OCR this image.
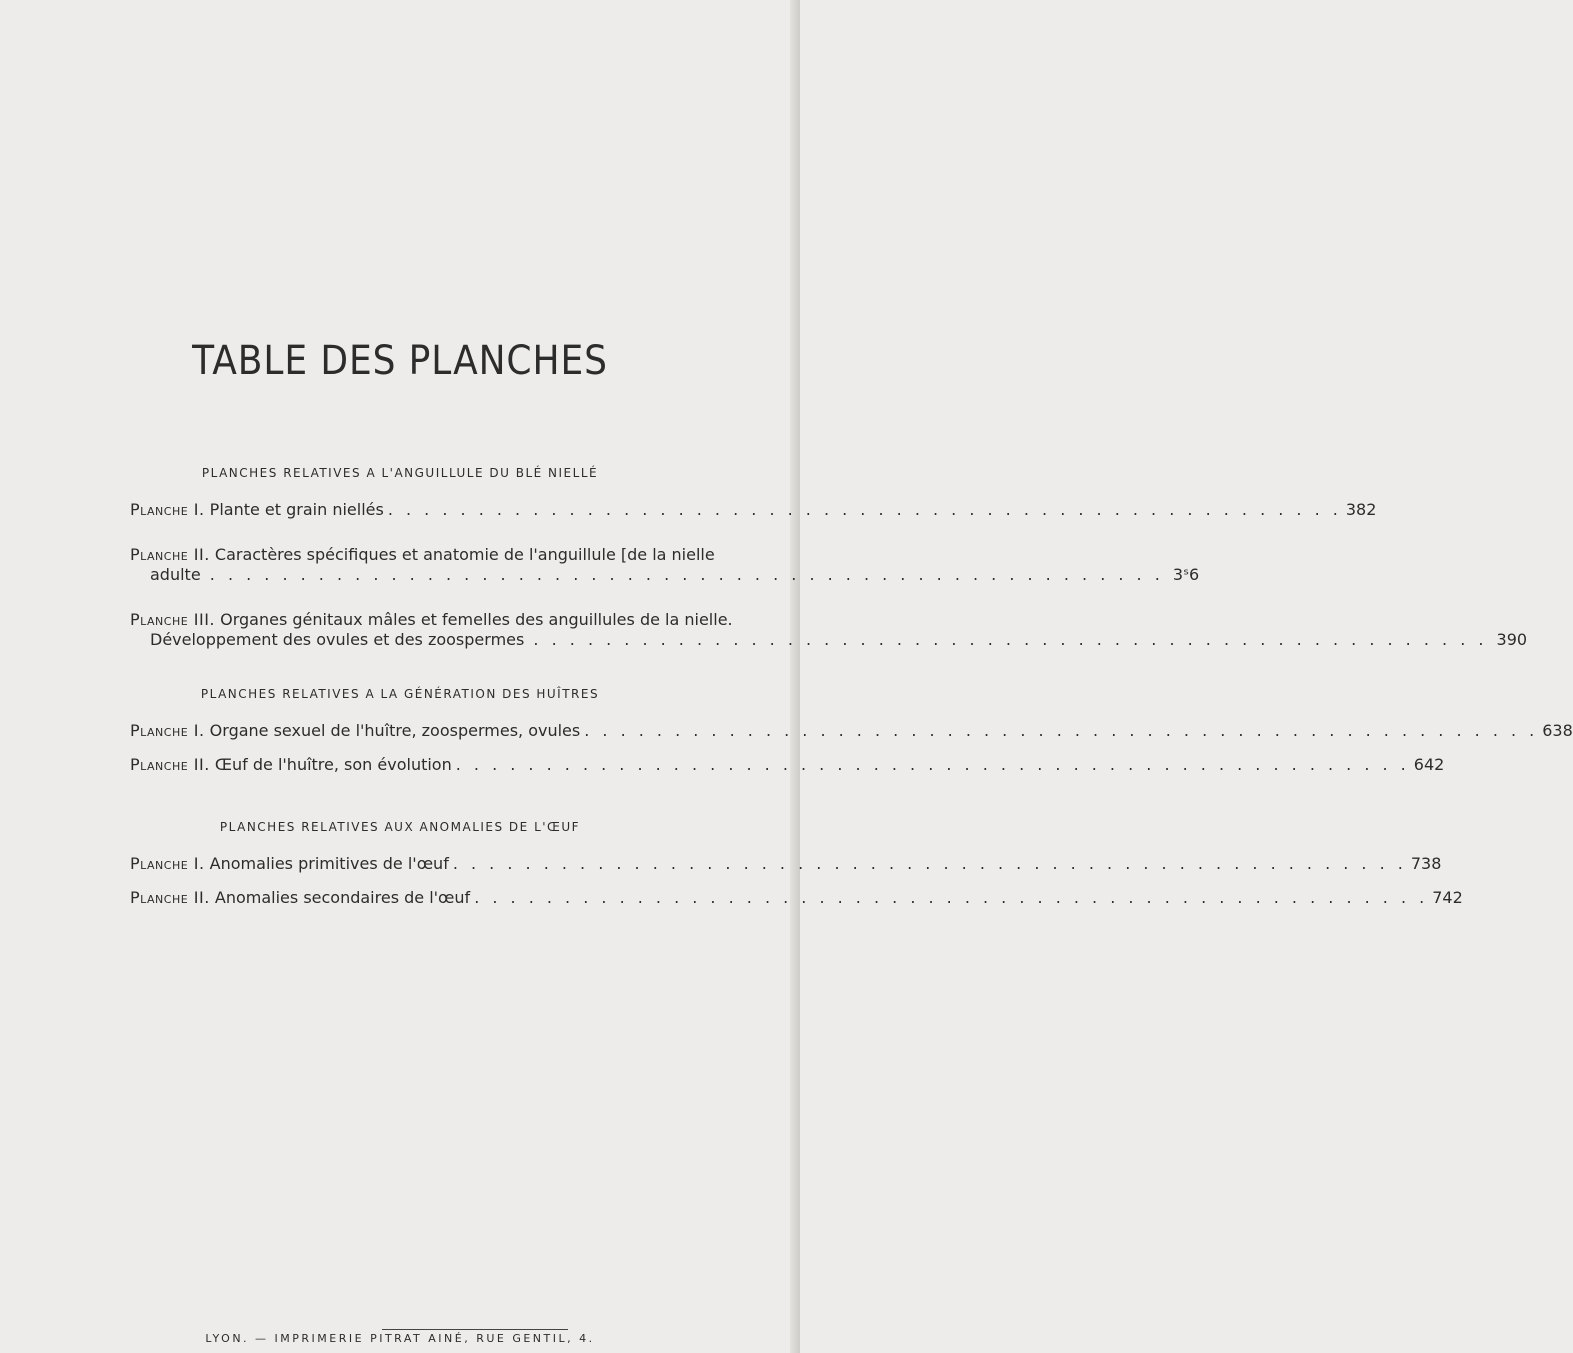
TABLE DES PLANCHES
PLANCHES RELATIVES A L'ANGUILLULE DU BLÉ NIELLÉ
Planche I. Plante et grain niellés . . .	382
Planche II. Caractères spécifiques et anatomie de l'anguillule [de la nielle
adulte . . .	3ˢ6
Planche III. Organes génitaux mâles et femelles des anguillules de la nielle.
Développement des ovules et des zoospermes . . .	390
PLANCHES RELATIVES A LA GÉNÉRATION DES HUÎTRES
Planche I. Organe sexuel de l'huître, zoospermes, ovules . . .	638
Planche II. Œuf de l'huître, son évolution . . .	642
PLANCHES RELATIVES AUX ANOMALIES DE L'ŒUF
Planche I. Anomalies primitives de l'œuf . . .	738
Planche II. Anomalies secondaires de l'œuf . . .	742
LYON. — IMPRIMERIE PITRAT AINÉ, RUE GENTIL, 4.
